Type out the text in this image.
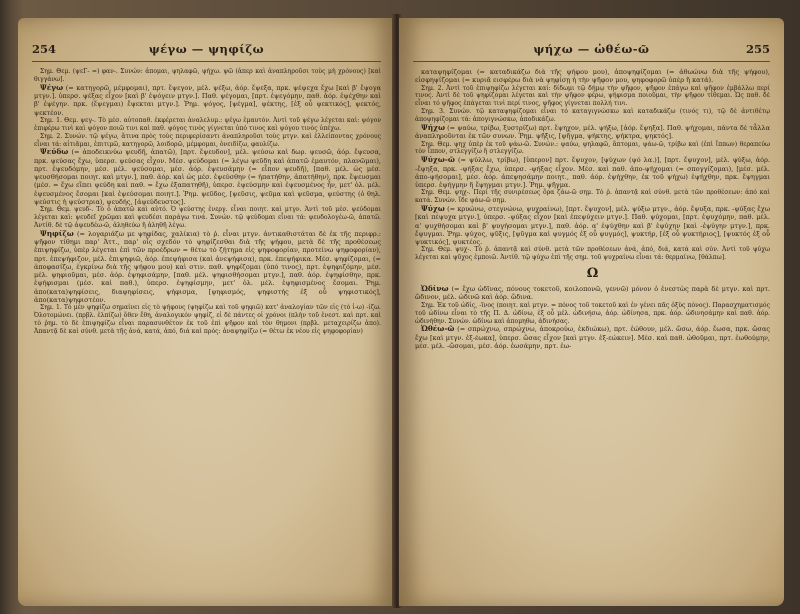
ψέγω — ψηφίζω
254

Σημ. Θεμ. (ψεΓ- =) φαν-. Συνών: ἀπομαι, ψηλαφῶ, ψήχω. ψῶ (ἀπερ καὶ ἀναπληροῦσι τοὺς μὴ χρόνους) [καὶ θιγγάνω].

Ψέγω (= κατηγορῶ, μέμφομαι), πρτ. ἔψεγον, μέλ. ψέξω, ἀόρ. ἔψεξα, πρκ. ψέψεχα ἔχω [καὶ β' ἔψογα μτγν.]. ὑπερσ. ψέξας εἶχον [καὶ β' ἐψόγειν μτγν.]. Παθ. ψέγομαι, [πρτ. ἐψεγόμην, παθ. ἀόρ. ἐψέχθην καὶ β' ἐψέγην. πρκ. (ἔψεγμαι) ἔψεκται μτγν.]. Ῥημ. ψόγος, [ψέγμα], ψέκτης, [ἐξ οὗ ψεκτικός], ψεκτός, ψεκτέον.

Σημ. 1. Θεμ. ψεγ-. Τὸ μέσ. αὐτοπαθ. ἐκφέρεται ἀναλελυμ.: ψέγω ἐμαυτόν. Ἀντὶ τοῦ ψέγω λέγεται καὶ: ψόγον ἐπιφέρω τινὶ καὶ ψόγον ποιῶ τινι καὶ παθ. ψόγος τινὸς γίγνεται ὑπό τινος καὶ ψόγου τινὸς ὑπέχω.

Σημ. 2. Συνών. τῷ ψέγω, ἄτινα πρὸς τοὺς περιφερίσαντι ἀναπληροῦσι τοὺς μτγν. καὶ ἐλλείποντας χρόνους εἶναι τά: αἰτιᾶμαι, ἐπιτιμῶ, κατηγορῶ, λοιδορῶ, μέμφομαι, ὀνειδίζω, φαυλίζω.

Ψεύδω (= ἀποδεικνύω ψευδῆ, ἀπατῶ), [πρτ. ἔψευδον], μέλ. ψεύσω καὶ δωρ. ψευσῶ, ἀόρ. ἔψευσα, πρκ. ψεύσας ἔχω, ὑπερσ. ψεύσας εἶχον. Μέσ. ψεύδομαι (= λέγω ψεῦδη καὶ ἀπατῶ ἐμαυτόν, πλανῶμαι), πρτ. ἐψευδόμην, μέσ. μέλ. ψεύσομαι, μέσ. ἀόρ. ἐψευσάμην (= εἶπον ψευδῆ), [παθ. μέλ. ὡς μέσ. ψευσθήσομαι ποιητ. καὶ μτγν.], παθ. ἀόρ. καὶ ὡς μέσ. ἐψεύσθην (= ἠπατήθην, ἀπατήθην), πρκ. ἔψευσμαι (μέσ. = ἔχω εἴπει ψεύδη καὶ παθ. = ἔχω ἐξαπατηθῆ), ὑπερσ. ἐψεύσμην καὶ ἐψευσμένος ἦν, μετ' ὀλ. μέλ. ἐψευσμένος ἔσομαι [καὶ ἐψεύσομαι ποιητ.]. Ῥημ. ψεῦδος, [ψεῦσις, ψεῦμα καὶ ψεῦσμα, ψεύστης (ὁ θηλ. ψεύστις ἡ ψεύστρια), ψευδής, [ἀψεύδευστος].

Σημ. Θεμ. ψευδ-. Τὸ ὁ ἀπατῶ καὶ αὐτό. Ὁ ψεύστης ἐνεργ. εἶναι ποιητ. καὶ μτγν. Ἀντὶ τοῦ μέσ. ψεύδομαι λέγεται καὶ: ψευδεῖ χρῶμαι καὶ ψευδέσι παράγω τινά. Συνών. τῷ ψεύδομαι εἶναι τά: ψευδολογέω-ῶ, ἀπατῶ. Ἀντίθ. δὲ τῷ ἀψευδέω-ῶ, ἀληθεύω ἢ ἀληθῆ λέγω.

Ψηφίζω (= λογαριάζω με ψηφίδας, χαλίκια) τὸ ῥ. εἶναι μτγν. ἀντικαθιστάται δὲ ἐκ τῆς περιφρ.: ψῆφον τίθημι παρ' Ἀττ., παρ' οἷς σχεδόν τὸ ψηφίζεσθαι διὰ τῆς ψήφου, μετὰ δὲ τῆς προθέσεως ἐπιψηφίζω, ὑπὲρ λέγεται ἐπὶ τῶν προέδρων = θέτω τὸ ζήτημα εἰς ψηφοφορίαν, προτείνω ψηφοφορίαν), πρτ. ἐπεψήφιζον, μέλ. ἐπιψηφιῶ, ἀόρ. ἐπεψήφισα (καὶ ἀνεψήφισα), πρκ. ἐπεψήφικα. Μέσ. ψηφίζομαι, (= ἀποφασίζω, ἐγκρίνω διὰ τῆς ψήφου μου) καὶ στιν. παθ. ψηφίζομαι (ὑπό τινος), πρτ. ἐψηφιζόμην, μέσ. μέλ. ψηφιοῦμαι, μέσ. ἀόρ. ἐψηφισάμην, [παθ. μέλ. ψηφισθήσομαι μτγν.], παθ. ἀόρ. ἐψηφίσθην, πρκ. ἐψήφισμαι (μέσ. καὶ παθ.), ὑπερσ. ἐψηφίσμην, μετ' ὀλ. μέλ. ἐψηφισμένος ἔσομαι. Ῥημ. ἀπο(κατα)ψηφίσεις, διαψηφίσεις, ψήφισμα, [ψηφισμός, ψηφιστής ἐξ οὗ ψηφιστικός], ἀπο(κατα)ψηφιστέον.

Σημ. 1. Τὸ μὲν ψηφίζω σημαίνει εἰς τὸ ψήφους (ψηφίζω καὶ τοῦ ψηφιῶ) κατ' ἀναλογίαν τῶν εἰς (τὸ ἰ-ω) -ίζω. Ὀλοτομώνει. (πρβλ. ἐλπίζω) ὅθεν ἔθη, ἀναλογικόν ψηφίζ, εἰ δὲ πάντες οἱ χρόνοι (πλὴν τοῦ ἐνεστ. καὶ πρτ. καὶ τὸ ῥημ. τὸ δὲ ἐπιψηφίζω εἶναι παρασυνθέτον ἐκ τοῦ ἐπὶ ψῆφον καὶ τὸν θημονι (πρβλ. μεταχειρίζω ἀπο). Ἀπαντᾷ δὲ καὶ σύνθ. μετὰ τῆς ἀνά, κατά, ἀπό, διά καὶ πρός: ἀναψηφίζω (= θέτω ἐκ νέου εἰς ψηφοφορίαν)

ψήχω — ὠθέω-ῶ	255

καταψηφίζομαι (= καταδικάζω διὰ τῆς ψήφου μου), ἀποψηφίζομαι (= ἀθωώνω διὰ τῆς ψήφου), εἰσφηψίζομαι (= κυριᾶ εισφέρω διὰ νὰ ψηφίσῃ ἡ τὴν ψῆφον μου, ψηφοφορῶ ὑπὲρ ἢ κατά).

Σημ. 2. Ἀντὶ τοῦ ἐπιψηφίζω λέγεται καί: δίδωμι τῷ δήμῳ τὴν ψῆφον, ψῆφον ἐπάγω καὶ ψῆφον ἐμβάλλω περί τινος. Ἀντὶ δὲ τοῦ ψηφίζομαι λέγεται καὶ τὴν ψῆφον φέρω, ψήφισμα ποιοῦμαι, τὴν ψῆφον τίθεμαι. Ὡς παθ. δὲ εἶναι τό ψῆφος ἐπάγεται τινὶ περί τινος, ψῆφος γίγνεται πολλή τινι.

Σημ. 3. Συνών. τῷ καταψηφίζομαι εἶναι τό καταγιγνώσκω καὶ καταδικάζω (τινός τι), τῷ δὲ ἀντιθέτῳ ἀποψηφίζομαι τά: ἀπογιγνώσκω, ἀποδικάζω.

Ψήχω (= ψαύω, τρίβω, ξυστρίζω) πρτ. ἔψηχον, μέλ. ψήξω, [ἀόρ. ἔψηξα]. Παθ. ψήχομαι, πάντα δὲ τἆλλα ἀναπληροῦνται ἐκ τῶν συνων. Ῥημ. ψῆξις, [ψῆγμα, ψήκτης, ψήκτρα, ψηκτός].

Σημ. Θεμ. ψηχ ὑπὲρ ἐκ τοῦ ψάω-ῶ. Συνών.: ψαύω, ψηλαφῶ, ἅπτομαι, ψάω-ῶ, τρίβω καὶ (ἐπὶ ἵππων) θεραπεύω τὸν ἵππον, στλεγγίζω ἢ στλεγγίζω.

Ψύχω-ῶ (= ψύλλω, τρίβω), [ὑπερον] πρτ. ἔψυχον, [ψύχων (ψό λα.)], [πρτ. ἔψυχον], μέλ. ψύξω, ἀόρ. -ἔψηξα, πρκ. -ψήξας ἔχω, ὑπερσ. -ψήξας εἶχον. Μέσ. καὶ παθ. ἀπο-ψήχομαι (= σπογγίζομαι), [μέσ. μέλ. ἀπο-ψήσομαι], μέσ. ἀόρ. ἀπεψησάμην ποιητ., παθ. ἀόρ. ἐψήχθην, ἐκ τοῦ ψήχω) ἐψήχθην, πρκ. ἔψηγμαι ὑπερσ. ἐψήγμην ἢ ἔψηγμαι μτγν.]. Ῥημ. ψῆγμα.

Σημ. Θεμ. ψηχ-. Περί τῆς συνιρέσεως ὅρα ζάω-ῶ σημ. Τὸ ῥ. ἁπαντᾷ καὶ σύνθ. μετὰ τῶν προθέσεων: ἀπό καὶ κατά. Συνών. ἴδε ψάω-ῶ σημ.

Ψύχω (= κρυώνω, στεγνώνω, ψυχραίνω), [πρτ. ἔψυχον], μέλ. ψύξω μτγν., ἀόρ. ἔψυξα, πρκ. -ψύξας ἔχω [καὶ πέψυχα μτγν.], ὑπερσ. -ψύξας εἶχον [καὶ ἐπεψύχειν μτγν.]. Παθ. ψύχομαι, [πρτ. ἐψυχόμην, παθ. μέλ. α' ψυχθήσομαι καὶ β' ψυγήσομαι μτγν.], παθ. ἀόρ. α' ἐψύχθην καὶ β' ἐψύχην [καὶ -ἐψύγην μτγν.], πρκ. ἔψυγμαι. Ῥημ. ψύχος, ψῦξις, [ψῦγμα καὶ ψυγμός ἐξ οὗ ψυγμός], ψυκτήρ, [ἐξ οὗ ψυκτήριος], [ψυκτός ἐξ οὗ ψυκτικός], ψυκτέος.

Σημ. Θεμ. ψυχ-. Τὸ ῥ. ἁπαντᾷ καὶ σύνθ. μετὰ τῶν προθέσεων ἀνά, ἀπό, διά, κατά καὶ σύν. Ἀντὶ τοῦ ψύχω λέγεται καὶ ψῦχος ἐμποιῶ. Ἀντίθ. τῷ ψύχω ἐπὶ τῆς σημ. τοῦ ψυχραίνω εἶναι τά: θερμαίνω, [θάλπω].

Ω

Ὠδίνω (= ἔχω ὠδῖνας, πόνους τοκετοῦ, κοιλοπονῶ, γεννῶ) μόνον ὁ ἐνεστὼς παρὰ δὲ μτγν. καὶ πρτ. ὤδινον, μέλ. ὠδινῶ καὶ ἀόρ. ὤδινα.

Σημ. Ἐκ τοῦ ὠδίς, -ῖνος (ποιητ. καὶ μτγν. = πόνος τοῦ τοκετοῦ καὶ ἐν γένει πᾶς ὀξὺς πόνος). Παρασχηματισμός τοῦ ὠδίνω εἶναι τὸ τῆς Π. Δ. ὠδίνω, ἐξ οὗ μέλ. ὠδινήσω, ἀόρ. ὠδίνησα, πρκ. ἀόρ. ὠδινησάμην καὶ παθ. ἀόρ. ὠδινήθην. Συνών. ὠδίνω καὶ ἀπομηθω, ἀδινήσας.

Ὠθέω-ῶ (= σπρώχνω, σπρώχνω, ἀποκρούω, ἐκδιώκω), πρτ. ἐώθουν, μέλ. ὤσω, ἀόρ. ἔωσα, πρκ. ὤσας ἔχω [καὶ μτγν. ἐξ-έωκα], ὑπερσ. ὤσας εἶχον [καὶ μτγν. ἐξ-εώκειν]. Μέσ. καὶ παθ. ὠθοῦμαι, πρτ. ἐωθούμην, μέσ. μέλ. -ὤσομαι, μέσ. ἀόρ. ἐωσάμην, πρτ. ἐω-
